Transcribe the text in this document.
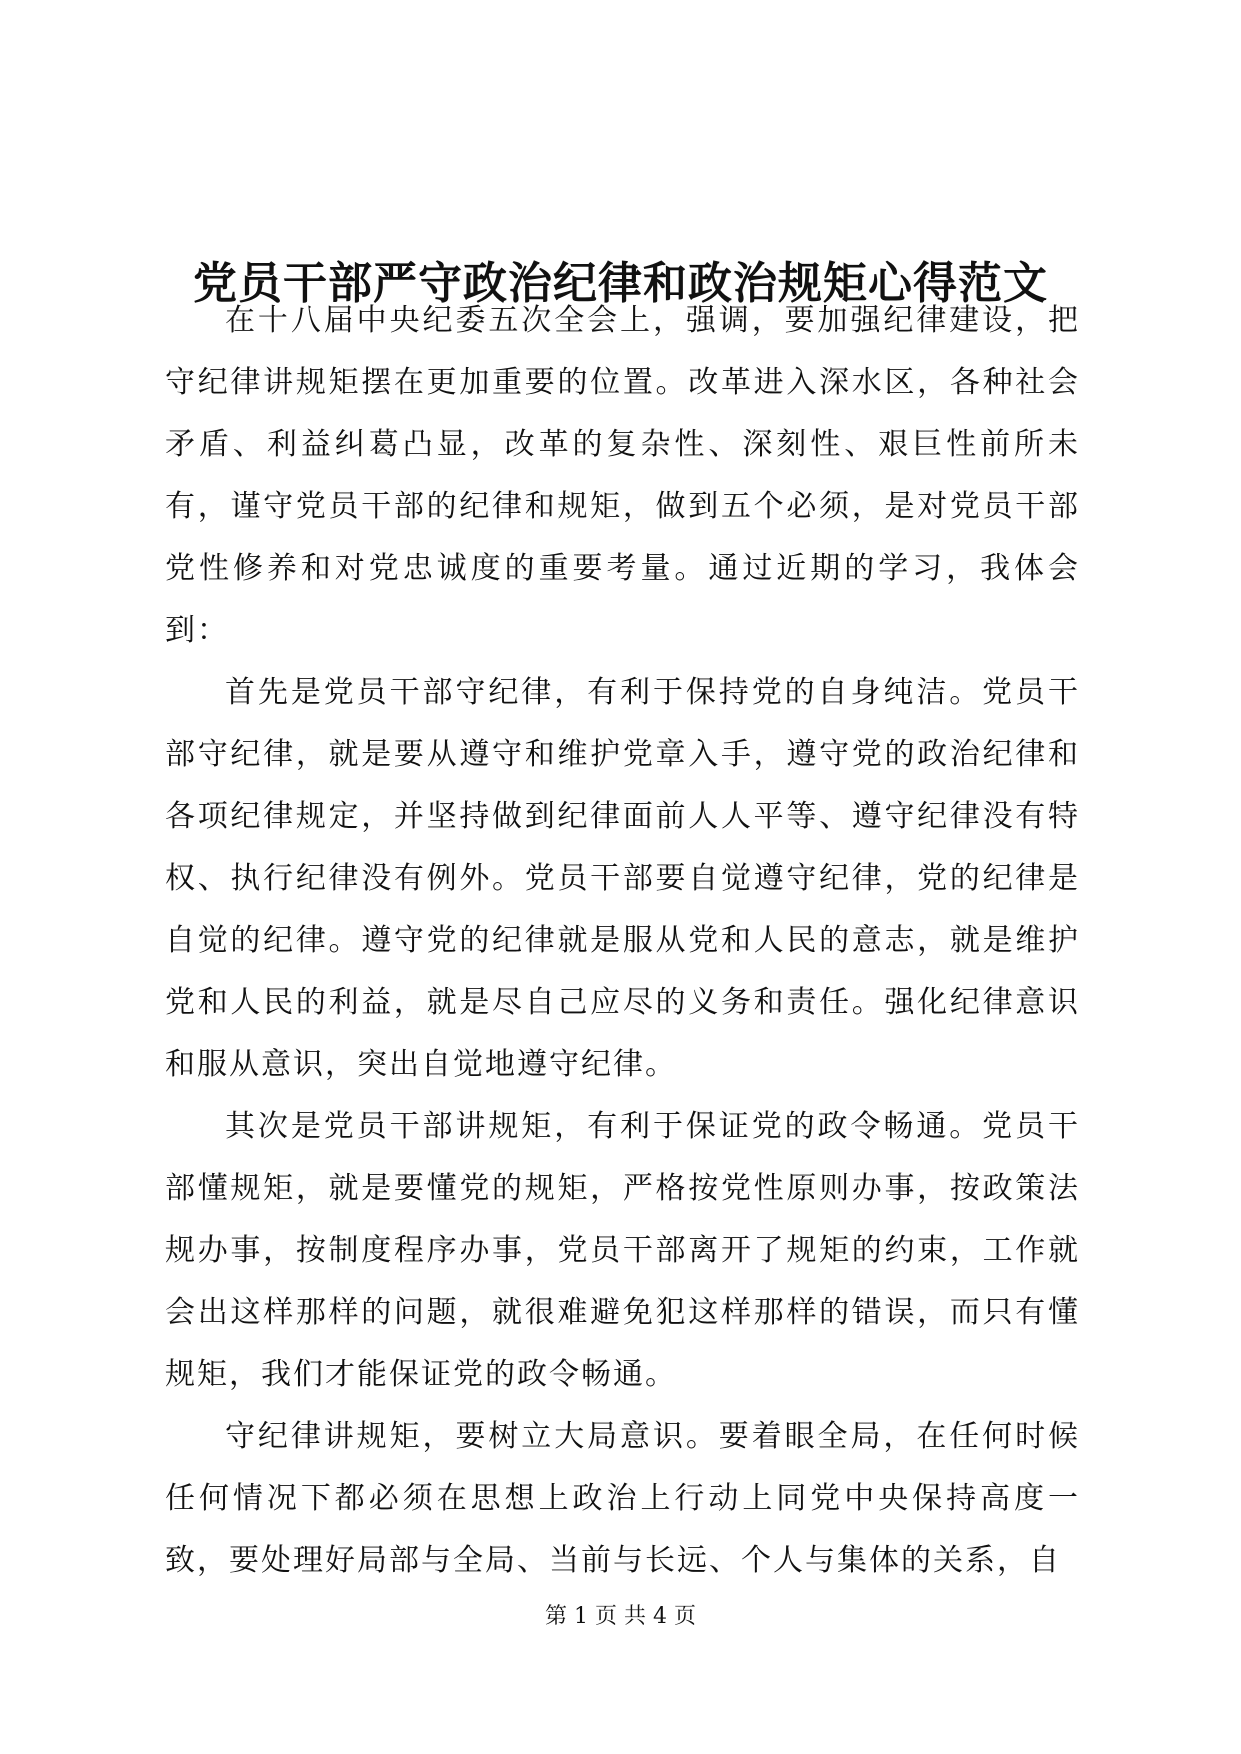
党员干部严守政治纪律和政治规矩心得范文

在十八届中央纪委五次全会上，强调，要加强纪律建设，把守纪律讲规矩摆在更加重要的位置。改革进入深水区，各种社会矛盾、利益纠葛凸显，改革的复杂性、深刻性、艰巨性前所未有，谨守党员干部的纪律和规矩，做到五个必须，是对党员干部党性修养和对党忠诚度的重要考量。通过近期的学习，我体会到：

首先是党员干部守纪律，有利于保持党的自身纯洁。党员干部守纪律，就是要从遵守和维护党章入手，遵守党的政治纪律和各项纪律规定，并坚持做到纪律面前人人平等、遵守纪律没有特权、执行纪律没有例外。党员干部要自觉遵守纪律，党的纪律是自觉的纪律。遵守党的纪律就是服从党和人民的意志，就是维护党和人民的利益，就是尽自己应尽的义务和责任。强化纪律意识和服从意识，突出自觉地遵守纪律。

其次是党员干部讲规矩，有利于保证党的政令畅通。党员干部懂规矩，就是要懂党的规矩，严格按党性原则办事，按政策法规办事，按制度程序办事，党员干部离开了规矩的约束，工作就会出这样那样的问题，就很难避免犯这样那样的错误，而只有懂规矩，我们才能保证党的政令畅通。

守纪律讲规矩，要树立大局意识。要着眼全局，在任何时候任何情况下都必须在思想上政治上行动上同党中央保持高度一致，要处理好局部与全局、当前与长远、个人与集体的关系，自

第 1 页 共 4 页
